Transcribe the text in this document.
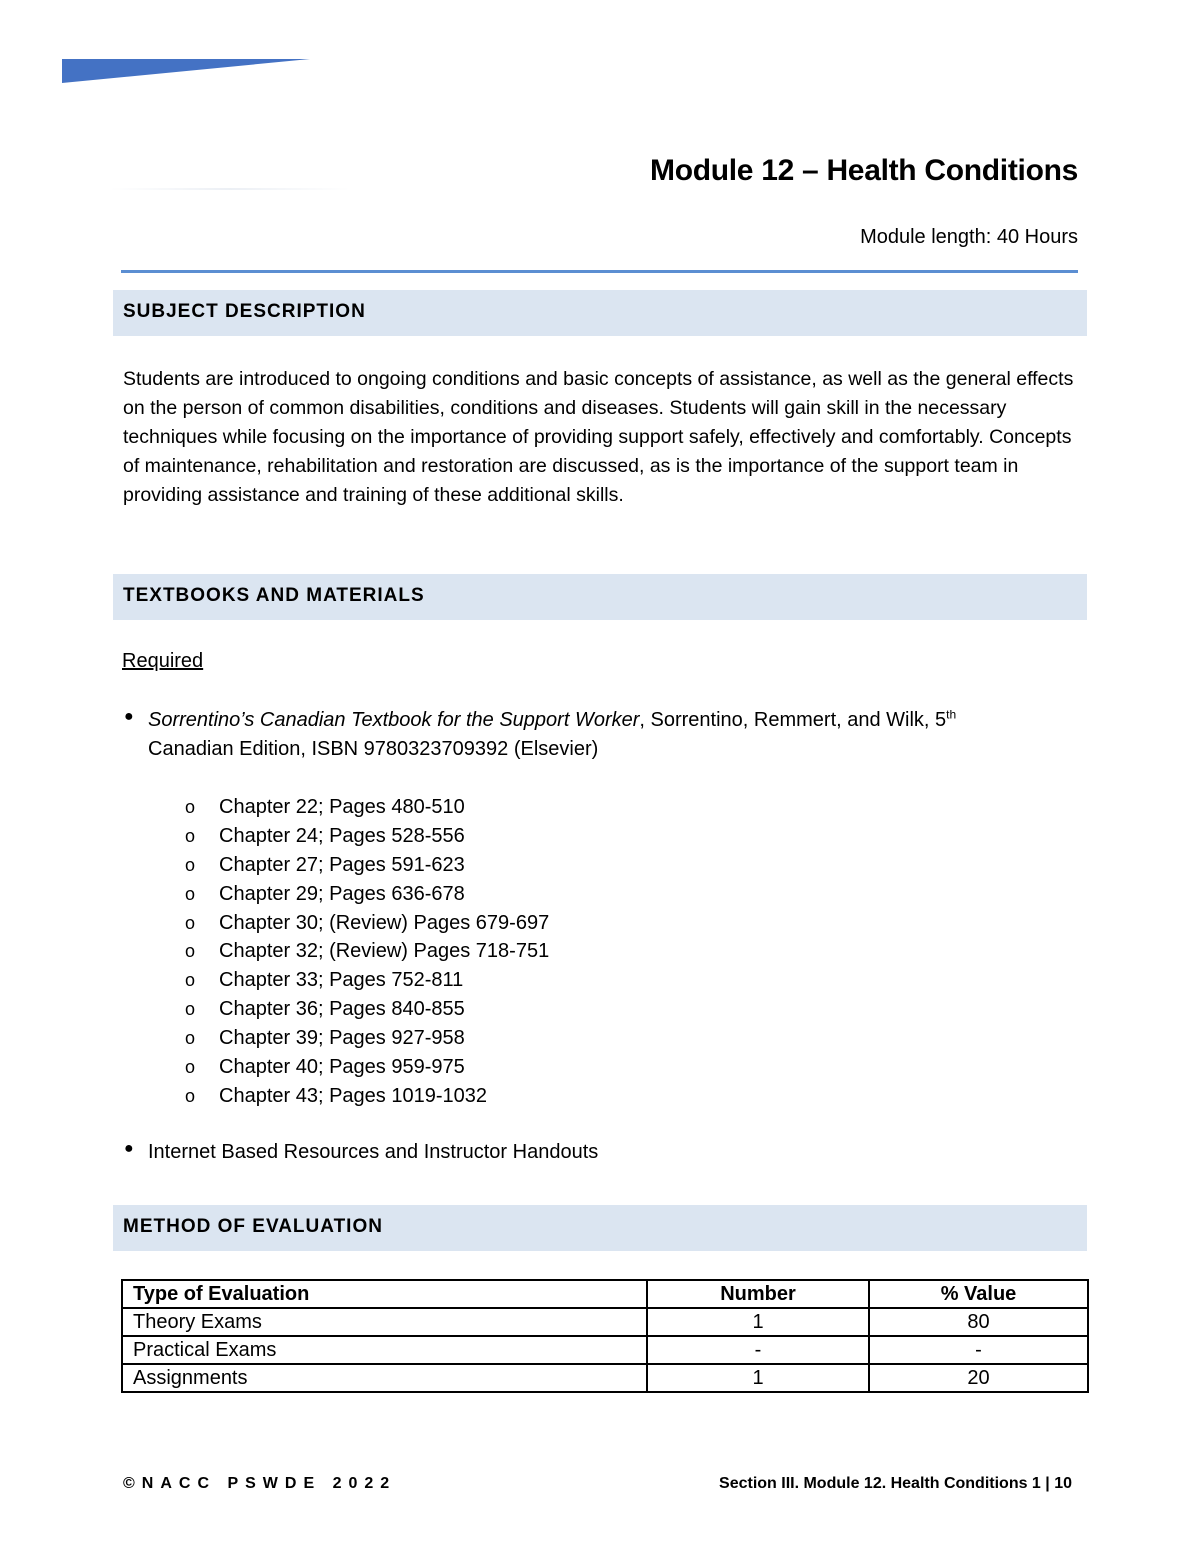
Module 12 – Health Conditions
Module length: 40 Hours
SUBJECT DESCRIPTION

Students are introduced to ongoing conditions and basic concepts of assistance, as well as the general effects on the person of common disabilities, conditions and diseases. Students will gain skill in the necessary techniques while focusing on the importance of providing support safely, effectively and comfortably. Concepts of maintenance, rehabilitation and restoration are discussed, as is the importance of the support team in providing assistance and training of these additional skills.

TEXTBOOKS AND MATERIALS
Required
● Sorrentino’s Canadian Textbook for the Support Worker, Sorrentino, Remmert, and Wilk, 5th
Canadian Edition, ISBN 9780323709392 (Elsevier)
o Chapter 22; Pages 480-510
o Chapter 24; Pages 528-556
o Chapter 27; Pages 591-623
o Chapter 29; Pages 636-678
o Chapter 30; (Review) Pages 679-697
o Chapter 32; (Review) Pages 718-751
o Chapter 33; Pages 752-811
o Chapter 36; Pages 840-855
o Chapter 39; Pages 927-958
o Chapter 40; Pages 959-975
o Chapter 43; Pages 1019-1032
● Internet Based Resources and Instructor Handouts
METHOD OF EVALUATION
Type of Evaluation	Number	% Value
Theory Exams	1	80
Practical Exams	-	-
Assignments	1	20
©NACC PSWDE 2022	Section III. Module 12. Health Conditions 1 | 10
